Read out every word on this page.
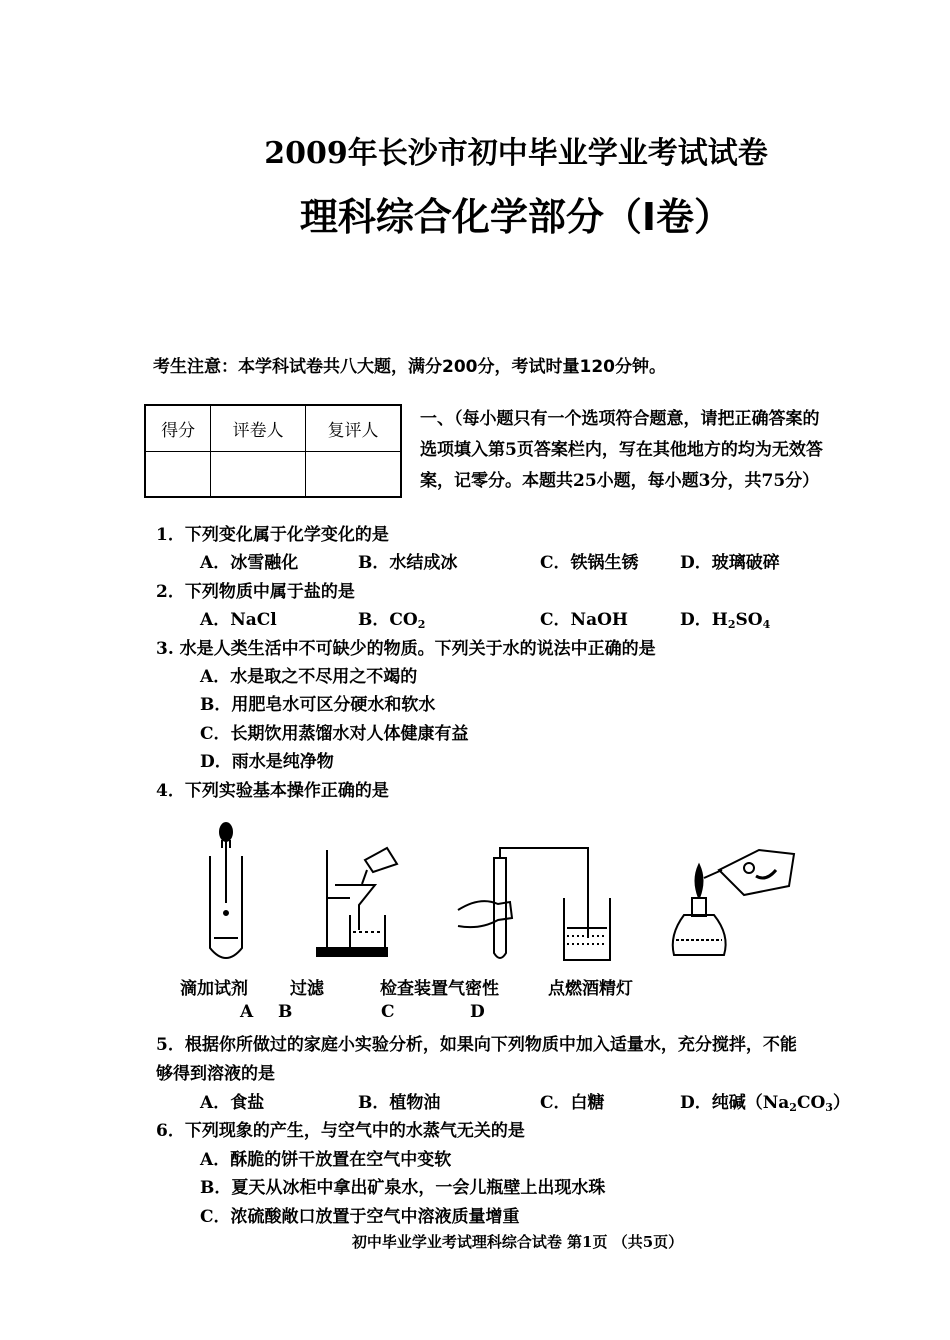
2009年长沙市初中毕业学业考试试卷
理科综合化学部分（Ⅰ卷）
考生注意：本学科试卷共八大题，满分200分，考试时量120分钟。
得分	评卷人	复评人

一、（每小题只有一个选项符合题意，请把正确答案的
选项填入第5页答案栏内，写在其他地方的均为无效答
案，记零分。本题共25小题，每小题3分，共75分）
1．下列变化属于化学变化的是
A．冰雪融化	B．水结成冰	C．铁锅生锈 D．玻璃破碎
2．下列物质中属于盐的是
A．NaCl	B．$CO_2$	C．NaOH	D．$H_2SO_4$
3. 水是人类生活中不可缺少的物质。下列关于水的说法中正确的是
A．水是取之不尽用之不竭的
B．用肥皂水可区分硬水和软水
C．长期饮用蒸馏水对人体健康有益
D．雨水是纯净物
4．下列实验基本操作正确的是
滴加试剂 过滤	检查装置气密性	点燃酒精灯
A B	C	D
5．根据你所做过的家庭小实验分析，如果向下列物质中加入适量水，充分搅拌，不能
够得到溶液的是
A．食盐	B．植物油	C．白糖	D．纯碱$(Na_2CO_3)$
6．下列现象的产生，与空气中的水蒸气无关的是
A．酥脆的饼干放置在空气中变软
B．夏天从冰柜中拿出矿泉水，一会儿瓶壁上出现水珠
C．浓硫酸敞口放置于空气中溶液质量增重
初中毕业学业考试理科综合试卷 第1页 （共5页）
